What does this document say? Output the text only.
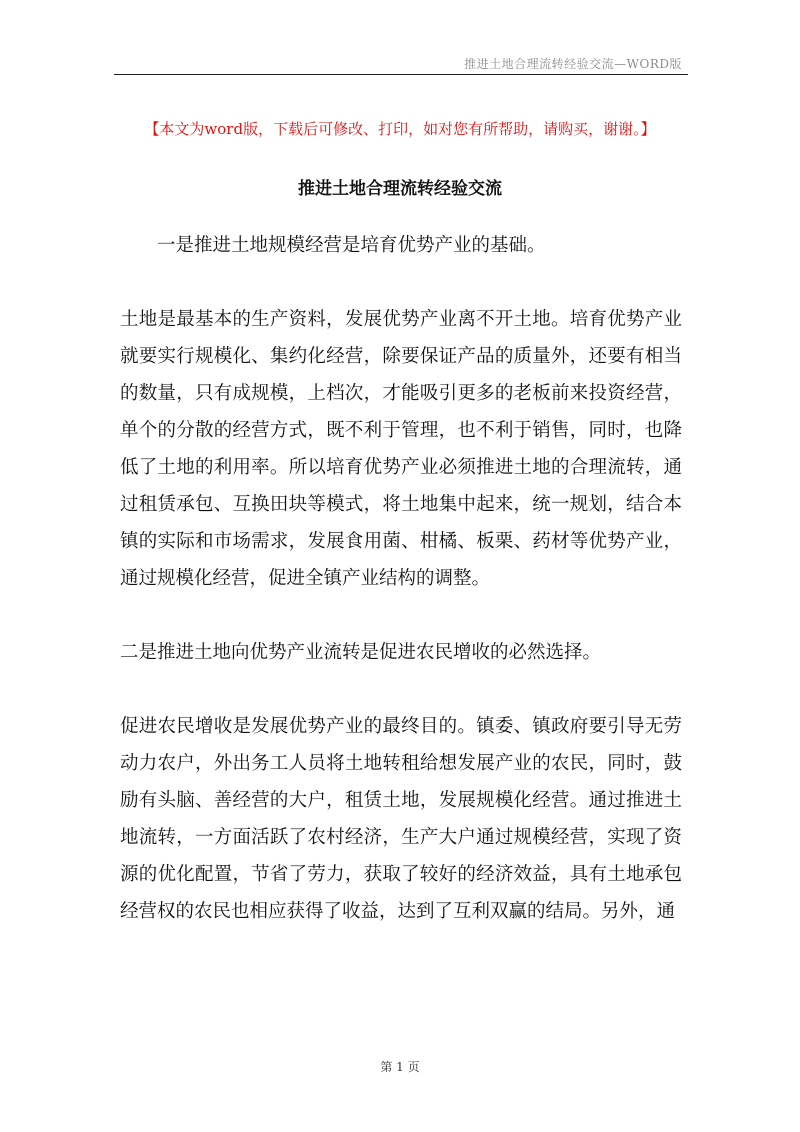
推进土地合理流转经验交流—WORD版
【本文为word版，下载后可修改、打印，如对您有所帮助，请购买，谢谢。】
推进土地合理流转经验交流

一是推进土地规模经营是培育优势产业的基础。

土地是最基本的生产资料，发展优势产业离不开土地。培育优势产业就要实行规模化、集约化经营，除要保证产品的质量外，还要有相当的数量，只有成规模，上档次，才能吸引更多的老板前来投资经营，单个的分散的经营方式，既不利于管理，也不利于销售，同时，也降低了土地的利用率。所以培育优势产业必须推进土地的合理流转，通过租赁承包、互换田块等模式，将土地集中起来，统一规划，结合本镇的实际和市场需求，发展食用菌、柑橘、板栗、药材等优势产业，通过规模化经营，促进全镇产业结构的调整。

二是推进土地向优势产业流转是促进农民增收的必然选择。

促进农民增收是发展优势产业的最终目的。镇委、镇政府要引导无劳动力农户，外出务工人员将土地转租给想发展产业的农民，同时，鼓励有头脑、善经营的大户，租赁土地，发展规模化经营。通过推进土地流转，一方面活跃了农村经济，生产大户通过规模经营，实现了资源的优化配置，节省了劳力，获取了较好的经济效益，具有土地承包经营权的农民也相应获得了收益，达到了互利双赢的结局。另外，通

第 1 页
